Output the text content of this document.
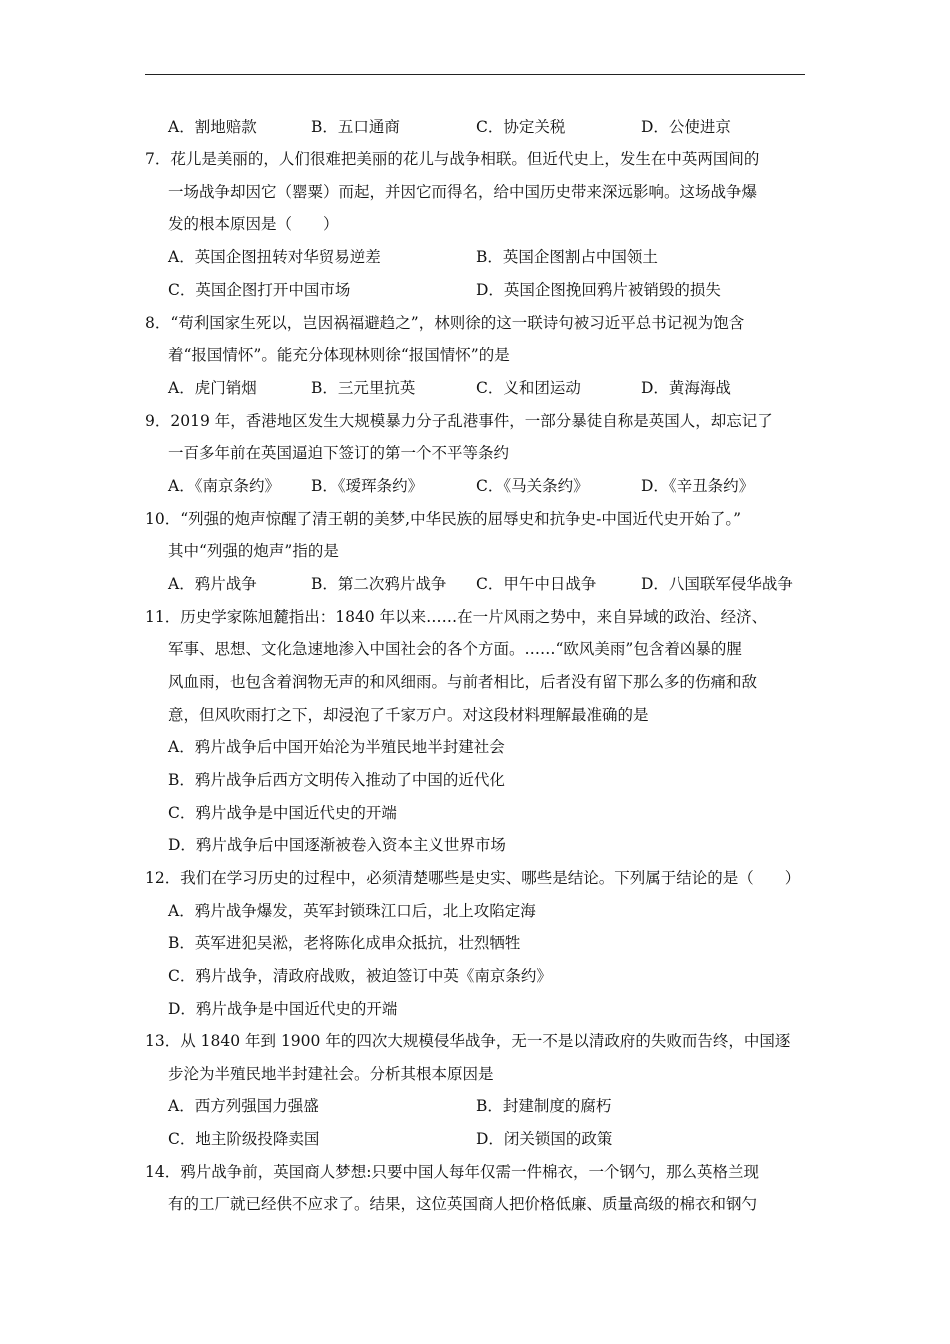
A．割地赔款	B．五口通商	C．协定关税	D．公使进京
7．花儿是美丽的，人们很难把美丽的花儿与战争相联。但近代史上，发生在中英两国间的
一场战争却因它（罂粟）而起，并因它而得名，给中国历史带来深远影响。这场战争爆
发的根本原因是（　　）
A．英国企图扭转对华贸易逆差	B．英国企图割占中国领土
C．英国企图打开中国市场	D．英国企图挽回鸦片被销毁的损失
8．“苟利国家生死以，岂因祸福避趋之”，林则徐的这一联诗句被习近平总书记视为饱含
着“报国情怀”。能充分体现林则徐“报国情怀”的是
A．虎门销烟	B．三元里抗英	C．义和团运动	D．黄海海战
9．2019 年，香港地区发生大规模暴力分子乱港事件，一部分暴徒自称是英国人，却忘记了
一百多年前在英国逼迫下签订的第一个不平等条约
A．《南京条约》 B．《瑷珲条约》	C．《马关条约》	D．《辛丑条约》
10．“列强的炮声惊醒了清王朝的美梦,中华民族的屈辱史和抗争史-中国近代史开始了。”
其中“列强的炮声”指的是
A．鸦片战争	B．第二次鸦片战争 C．甲午中日战争	D．八国联军侵华战争
11．历史学家陈旭麓指出：1840 年以来……在一片风雨之势中，来自异域的政治、经济、
军事、思想、文化急速地渗入中国社会的各个方面。……“欧风美雨”包含着凶暴的腥
风血雨，也包含着润物无声的和风细雨。与前者相比，后者没有留下那么多的伤痛和敌
意，但风吹雨打之下，却浸泡了千家万户。对这段材料理解最准确的是
A．鸦片战争后中国开始沦为半殖民地半封建社会
B．鸦片战争后西方文明传入推动了中国的近代化
C．鸦片战争是中国近代史的开端
D．鸦片战争后中国逐渐被卷入资本主义世界市场
12．我们在学习历史的过程中，必须清楚哪些是史实、哪些是结论。下列属于结论的是（　　）
A．鸦片战争爆发，英军封锁珠江口后，北上攻陷定海
B．英军进犯吴淞，老将陈化成串众抵抗，壮烈牺牲
C．鸦片战争，清政府战败，被迫签订中英《南京条约》
D．鸦片战争是中国近代史的开端
13．从 1840 年到 1900 年的四次大规模侵华战争，无一不是以清政府的失败而告终，中国逐
步沦为半殖民地半封建社会。分析其根本原因是
A．西方列强国力强盛	B．封建制度的腐朽
C．地主阶级投降卖国	D．闭关锁国的政策
14．鸦片战争前，英国商人梦想:只要中国人每年仅需一件棉衣，一个钢勺，那么英格兰现
有的工厂就已经供不应求了。结果，这位英国商人把价格低廉、质量高级的棉衣和钢勺
